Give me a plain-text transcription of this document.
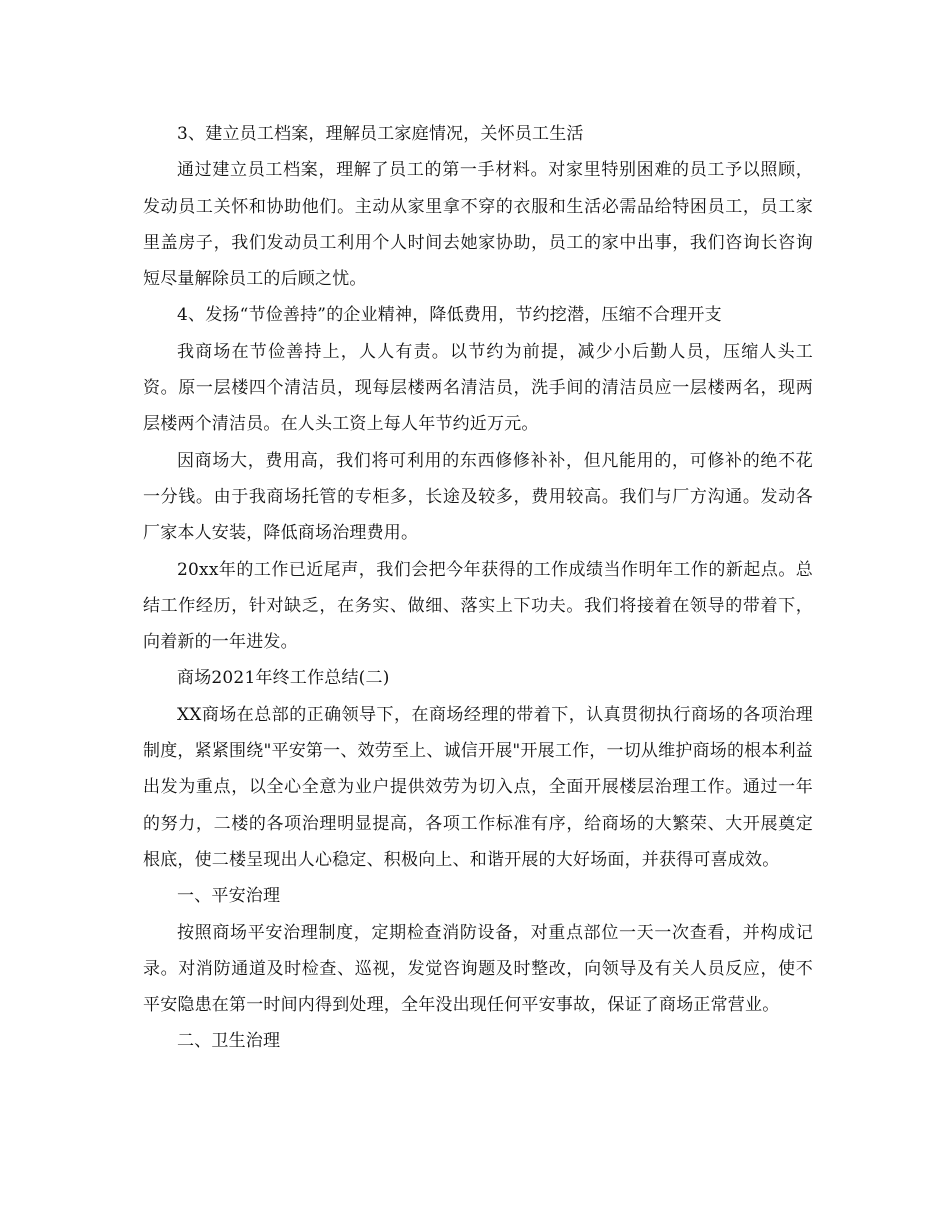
3、建立员工档案，理解员工家庭情况，关怀员工生活

通过建立员工档案，理解了员工的第一手材料。对家里特别困难的员工予以照顾，发动员工关怀和协助他们。主动从家里拿不穿的衣服和生活必需品给特困员工，员工家里盖房子，我们发动员工利用个人时间去她家协助，员工的家中出事，我们咨询长咨询短尽量解除员工的后顾之忧。

4、发扬“节俭善持”的企业精神，降低费用，节约挖潜，压缩不合理开支

我商场在节俭善持上，人人有责。以节约为前提，减少小后勤人员，压缩人头工资。原一层楼四个清洁员，现每层楼两名清洁员，洗手间的清洁员应一层楼两名，现两层楼两个清洁员。在人头工资上每人年节约近万元。

因商场大，费用高，我们将可利用的东西修修补补，但凡能用的，可修补的绝不花一分钱。由于我商场托管的专柜多，长途及较多，费用较高。我们与厂方沟通。发动各厂家本人安装，降低商场治理费用。

20xx年的工作已近尾声，我们会把今年获得的工作成绩当作明年工作的新起点。总结工作经历，针对缺乏，在务实、做细、落实上下功夫。我们将接着在领导的带着下，向着新的一年进发。

商场2021年终工作总结(二)

XX商场在总部的正确领导下，在商场经理的带着下，认真贯彻执行商场的各项治理制度，紧紧围绕"平安第一、效劳至上、诚信开展"开展工作，一切从维护商场的根本利益出发为重点，以全心全意为业户提供效劳为切入点，全面开展楼层治理工作。通过一年的努力，二楼的各项治理明显提高，各项工作标准有序，给商场的大繁荣、大开展奠定根底，使二楼呈现出人心稳定、积极向上、和谐开展的大好场面，并获得可喜成效。

一、平安治理

按照商场平安治理制度，定期检查消防设备，对重点部位一天一次查看，并构成记录。对消防通道及时检查、巡视，发觉咨询题及时整改，向领导及有关人员反应，使不平安隐患在第一时间内得到处理，全年没出现任何平安事故，保证了商场正常营业。

二、卫生治理
